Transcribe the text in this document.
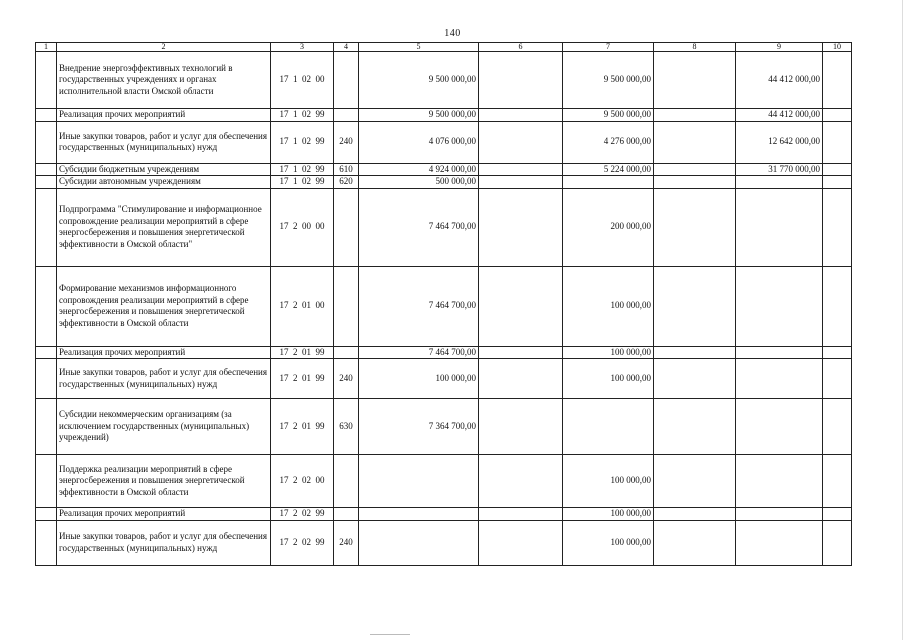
140
1	2	3	4	5	6	7	8	9	10
	Внедрение энергоэффективных технологий в государственных учреждениях и органах исполнительной власти Омской области	17  1  02  00		9 500 000,00		9 500 000,00		44 412 000,00	
	Реализация прочих мероприятий	17  1  02  99		9 500 000,00		9 500 000,00		44 412 000,00	
	Иные закупки товаров, работ и услуг для обеспечения государственных (муниципальных) нужд	17  1  02  99	240	4 076 000,00		4 276 000,00		12 642 000,00	
	Субсидии бюджетным учреждениям	17  1  02  99	610	4 924 000,00		5 224 000,00		31 770 000,00	
	Субсидии автономным учреждениям	17  1  02  99	620	500 000,00					
	Подпрограмма "Стимулирование и информационное сопровождение реализации мероприятий в сфере энергосбережения и повышения энергетической эффективности в Омской области"	17  2  00  00		7 464 700,00		200 000,00			
	Формирование механизмов информационного сопровождения реализации мероприятий в сфере энергосбережения и повышения энергетической эффективности в Омской области	17  2  01  00		7 464 700,00		100 000,00			
	Реализация прочих мероприятий	17  2  01  99		7 464 700,00		100 000,00			
	Иные закупки товаров, работ и услуг для обеспечения государственных (муниципальных) нужд	17  2  01  99	240	100 000,00		100 000,00			
	Субсидии некоммерческим организациям (за исключением государственных (муниципальных) учреждений)	17  2  01  99	630	7 364 700,00					
	Поддержка реализации мероприятий в сфере энергосбережения и повышения энергетической эффективности в Омской области	17  2  02  00				100 000,00			
	Реализация прочих мероприятий	17  2  02  99				100 000,00			
	Иные закупки товаров, работ и услуг для обеспечения государственных (муниципальных) нужд	17  2  02  99	240			100 000,00			
